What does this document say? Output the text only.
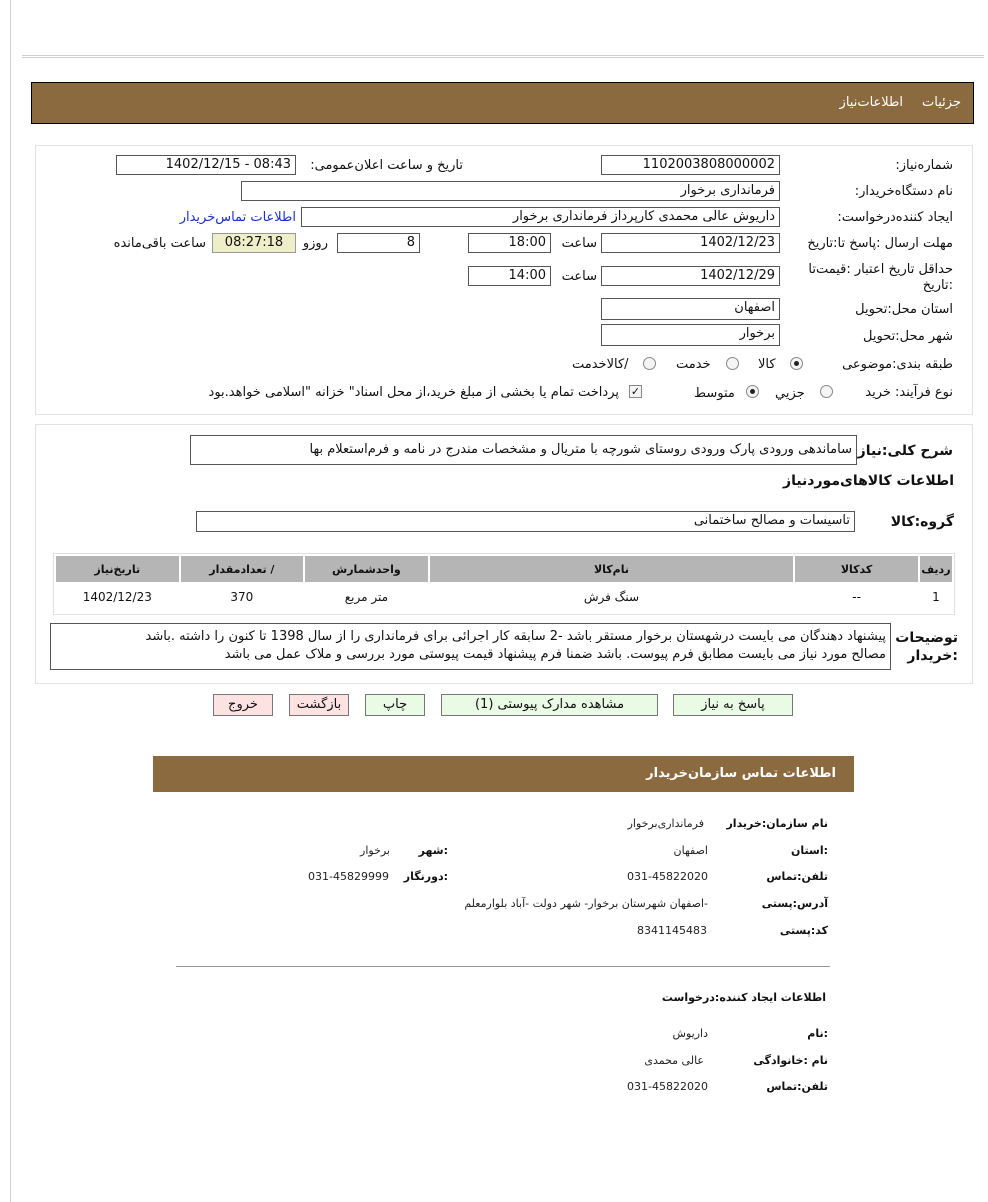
جزئیات
اطلاعات‌نیاز
شماره‌نیاز:
1102003808000002
تاریخ و ساعت اعلان‌عمومی:
1402/12/15 - 08:43
نام دستگاه‌خریدار:
فرمانداری برخوار
ایجاد کننده‌درخواست:
داریوش عالی محمدی کارپرداز فرمانداری برخوار
اطلاعات تماس‌خریدار
مهلت ارسال :پاسخ تا:تاریخ
1402/12/23
ساعت
18:00
8
روزو
08:27:18
ساعت باقی‌مانده
حداقل تاریخ اعتبار :قیمت‌تا :تاریخ
1402/12/29
ساعت
14:00
استان محل:تحویل
اصفهان
شهر محل:تحویل
برخوار
طبقه بندی:موضوعی
کالا
خدمت
/کالاخدمت
نوع فرآیند: خرید
جزیي
متوسط
✓
پرداخت تمام یا بخشی از مبلغ خرید،از محل اسناد" خزانه "اسلامی خواهد.بود
شرح کلی:نیاز
ساماندهی ورودی پارک ورودی روستای شورچه با متریال و مشخصات مندرج در نامه و فرم‌استعلام بها
اطلاعات کالاهای‌موردنیاز
گروه:کالا
تاسیسات و مصالح ساختمانی
ردیف	کدکالا	نام‌کالا	واحدشمارش	/ تعدادمقدار	تاریخ‌نیاز
1	--	سنگ فرش	متر مربع	370	1402/12/23
توضیحات :خریدار
پیشنهاد دهندگان می بایست درشهستان برخوار مستقر باشد -2 سابقه کار اجرائی برای فرمانداری را از سال 1398 تا کنون را داشته .باشد
مصالح مورد نیاز می بایست مطابق فرم پیوست. باشد ضمنا فرم پیشنهاد قیمت پیوستی مورد بررسی و ملاک عمل می باشد
پاسخ به نیاز
مشاهده مدارک پیوستی (1)
چاپ
بازگشت
خروج
اطلاعات تماس سازمان‌خریدار
نام سازمان:خریدار
فرمانداری‌برخوار
:استان
اصفهان
:شهر
برخوار
تلفن:تماس
031-45822020
:دورنگار
031-45829999
آدرس:پستی
-اصفهان شهرستان برخوار- شهر دولت -آباد بلوارمعلم
کد:پستی
8341145483
اطلاعات ایجاد کننده:درخواست
:نام
داریوش
نام :خانوادگی
عالی محمدی
تلفن:تماس
031-45822020
